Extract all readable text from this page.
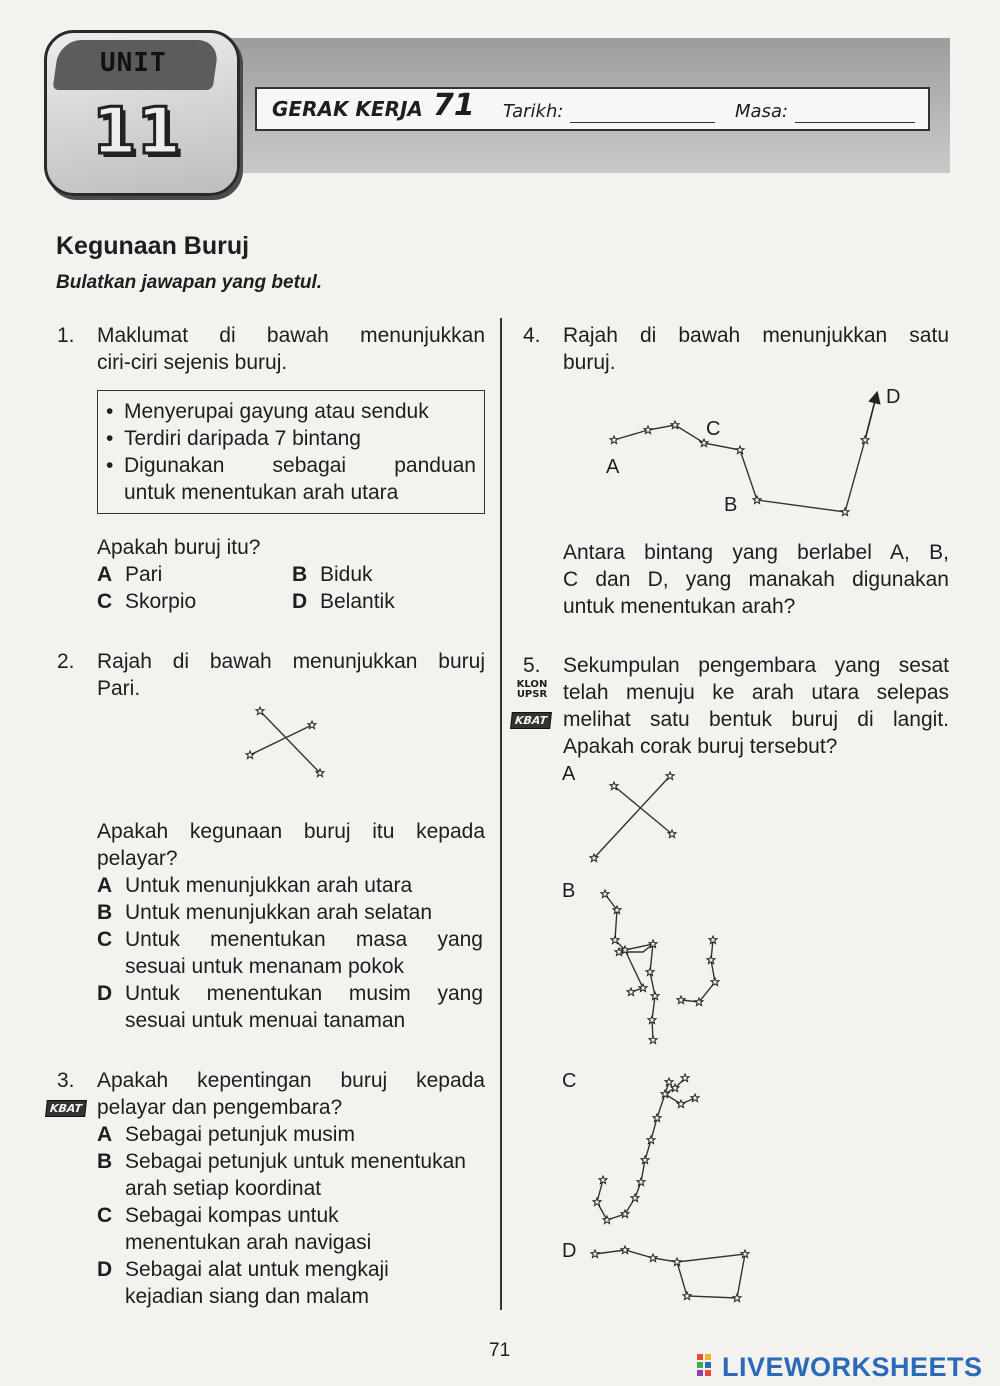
UNIT
11	GERAK KERJA 71 Tarikh:	Masa:
Kegunaan Buruj
Bulatkan jawapan yang betul.
1. Maklumat di bawah menunjukkan
ciri-ciri sejenis buruj.
• Menyerupai gayung atau senduk
• Terdiri daripada 7 bintang
• Digunakan sebagai panduan
untuk menentukan arah utara
Apakah buruj itu?
A Pari	B Biduk
C Skorpio	D Belantik
2. Rajah di bawah menunjukkan buruj
Pari.
Apakah kegunaan buruj itu kepada
pelayar?
A Untuk menunjukkan arah utara
B Untuk menunjukkan arah selatan
C Untuk menentukan masa yang
sesuai untuk menanam pokok
D Untuk menentukan musim yang
sesuai untuk menuai tanaman
3. Apakah kepentingan buruj kepada
pelayar dan pengembara?
KBAT
A Sebagai petunjuk musim
B Sebagai petunjuk untuk menentukan
arah setiap koordinat
C Sebagai kompas untuk
menentukan arah navigasi
D Sebagai alat untuk mengkaji
kejadian siang dan malam
4. Rajah di bawah menunjukkan satu
buruj.
A
B
C
D
Antara bintang yang berlabel A, B,
C dan D, yang manakah digunakan
untuk menentukan arah?
5. Sekumpulan pengembara yang sesat
telah menuju ke arah utara selepas
melihat satu bentuk buruj di langit.
Apakah corak buruj tersebut?
KLON
UPSR
KBAT
A
B
C
D
71
LIVEWORKSHEETS
